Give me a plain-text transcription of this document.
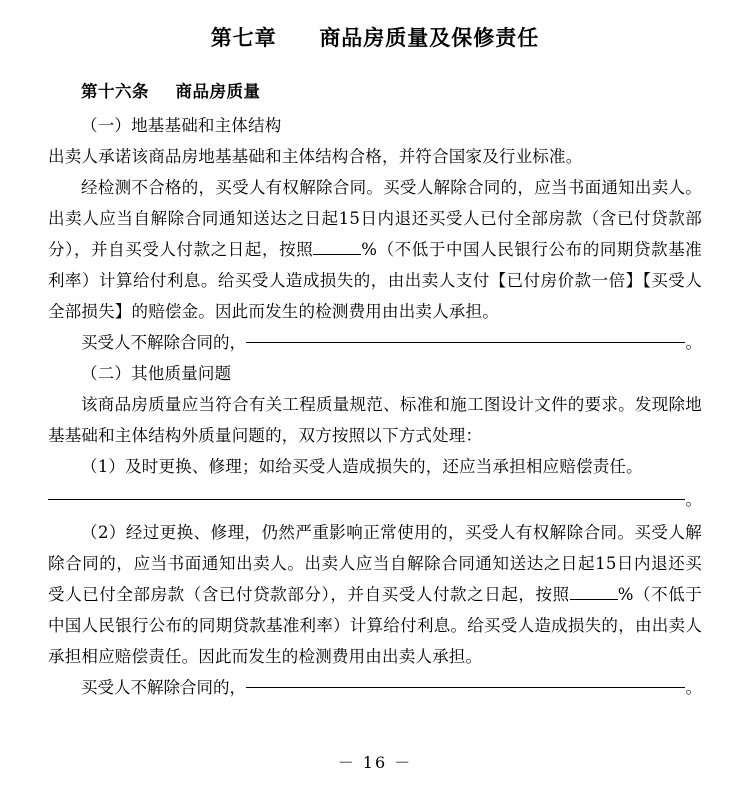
第七章 商品房质量及保修责任
第十六条 商品房质量

（一）地基基础和主体结构

出卖人承诺该商品房地基基础和主体结构合格，并符合国家及行业标准。

经检测不合格的，买受人有权解除合同。买受人解除合同的，应当书面通知出卖人。出卖人应当自解除合同通知送达之日起15日内退还买受人已付全部房款（含已付贷款部分），并自买受人付款之日起，按照	%（不低于中国人民银行公布的同期贷款基准利率）计算给付利息。给买受人造成损失的，由出卖人支付【已付房价款一倍】【买受人全部损失】的赔偿金。因此而发生的检测费用由出卖人承担。

买受人不解除合同的，	。

（二）其他质量问题

该商品房质量应当符合有关工程质量规范、标准和施工图设计文件的要求。发现除地基基础和主体结构外质量问题的，双方按照以下方式处理：

（1）及时更换、修理；如给买受人造成损失的，还应当承担相应赔偿责任。

。

（2）经过更换、修理，仍然严重影响正常使用的，买受人有权解除合同。买受人解除合同的，应当书面通知出卖人。出卖人应当自解除合同通知送达之日起15日内退还买受人已付全部房款（含已付贷款部分），并自买受人付款之日起，按照	%（不低于中国人民银行公布的同期贷款基准利率）计算给付利息。给买受人造成损失的，由出卖人承担相应赔偿责任。因此而发生的检测费用由出卖人承担。

买受人不解除合同的，	。
－ 16 －
